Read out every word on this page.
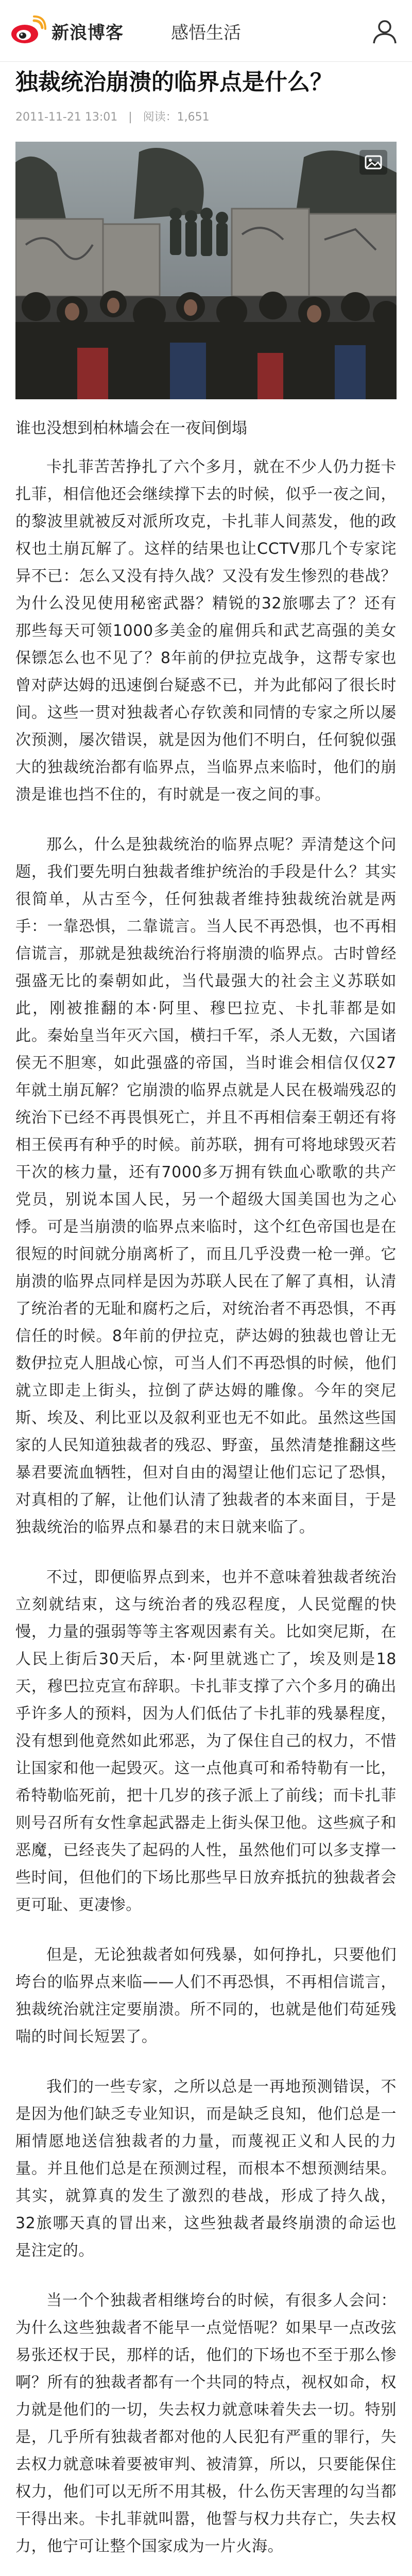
新浪博客	感悟生活
独裁统治崩溃的临界点是什么？
2011-11-21 13:01 | 阅读：1,651
谁也没想到柏林墙会在一夜间倒塌

卡扎菲苦苦挣扎了六个多月，就在不少人仍力挺卡扎菲，相信他还会继续撑下去的时候，似乎一夜之间，的黎波里就被反对派所攻克，卡扎菲人间蒸发，他的政权也土崩瓦解了。这样的结果也让CCTV那几个专家诧异不已：怎么又没有持久战？又没有发生惨烈的巷战？为什么没见使用秘密武器？精锐的32旅哪去了？还有那些每天可领1000多美金的雇佣兵和武艺高强的美女保镖怎么也不见了？8年前的伊拉克战争，这帮专家也曾对萨达姆的迅速倒台疑惑不已，并为此郁闷了很长时间。这些一贯对独裁者心存钦羡和同情的专家之所以屡次预测，屡次错误，就是因为他们不明白，任何貌似强大的独裁统治都有临界点，当临界点来临时，他们的崩溃是谁也挡不住的，有时就是一夜之间的事。

那么，什么是独裁统治的临界点呢？弄清楚这个问题，我们要先明白独裁者维护统治的手段是什么？其实很简单，从古至今，任何独裁者维持独裁统治就是两手：一靠恐惧，二靠谎言。当人民不再恐惧，也不再相信谎言，那就是独裁统治行将崩溃的临界点。古时曾经强盛无比的秦朝如此，当代最强大的社会主义苏联如此，刚被推翻的本·阿里、穆巴拉克、卡扎菲都是如此。秦始皇当年灭六国，横扫千军，杀人无数，六国诸侯无不胆寒，如此强盛的帝国，当时谁会相信仅仅27年就土崩瓦解？它崩溃的临界点就是人民在极端残忍的统治下已经不再畏惧死亡，并且不再相信秦王朝还有将相王侯再有种乎的时候。前苏联，拥有可将地球毁灭若干次的核力量，还有7000多万拥有铁血心歌歌的共产党员，别说本国人民，另一个超级大国美国也为之心悸。可是当崩溃的临界点来临时，这个红色帝国也是在很短的时间就分崩离析了，而且几乎没费一枪一弹。它崩溃的临界点同样是因为苏联人民在了解了真相，认清了统治者的无耻和腐朽之后，对统治者不再恐惧，不再信任的时候。8年前的伊拉克，萨达姆的独裁也曾让无数伊拉克人胆战心惊，可当人们不再恐惧的时候，他们就立即走上街头，拉倒了萨达姆的雕像。今年的突尼斯、埃及、利比亚以及叙利亚也无不如此。虽然这些国家的人民知道独裁者的残忍、野蛮，虽然清楚推翻这些暴君要流血牺牲，但对自由的渴望让他们忘记了恐惧，对真相的了解，让他们认清了独裁者的本来面目，于是独裁统治的临界点和暴君的末日就来临了。

不过，即便临界点到来，也并不意味着独裁者统治立刻就结束，这与统治者的残忍程度，人民觉醒的快慢，力量的强弱等等主客观因素有关。比如突尼斯，在人民上街后30天后，本·阿里就逃亡了，埃及则是18天，穆巴拉克宣布辞职。卡扎菲支撑了六个多月的确出乎许多人的预料，因为人们低估了卡扎菲的残暴程度，没有想到他竟然如此邪恶，为了保住自己的权力，不惜让国家和他一起毁灭。这一点他真可和希特勒有一比，希特勒临死前，把十几岁的孩子派上了前线；而卡扎菲则号召所有女性拿起武器走上街头保卫他。这些疯子和恶魔，已经丧失了起码的人性，虽然他们可以多支撑一些时间，但他们的下场比那些早日放弃抵抗的独裁者会更可耻、更凄惨。

但是，无论独裁者如何残暴，如何挣扎，只要他们垮台的临界点来临——人们不再恐惧，不再相信谎言，独裁统治就注定要崩溃。所不同的，也就是他们苟延残喘的时间长短罢了。

我们的一些专家，之所以总是一再地预测错误，不是因为他们缺乏专业知识，而是缺乏良知，他们总是一厢情愿地送信独裁者的力量，而蔑视正义和人民的力量。并且他们总是在预测过程，而根本不想预测结果。其实，就算真的发生了激烈的巷战，形成了持久战，32旅哪天真的冒出来，这些独裁者最终崩溃的命运也是注定的。

当一个个独裁者相继垮台的时候，有很多人会问：为什么这些独裁者不能早一点觉悟呢？如果早一点改弦易张还权于民，那样的话，他们的下场也不至于那么惨啊？所有的独裁者都有一个共同的特点，视权如命，权力就是他们的一切，失去权力就意味着失去一切。特别是，几乎所有独裁者都对他的人民犯有严重的罪行，失去权力就意味着要被审判、被清算，所以，只要能保住权力，他们可以无所不用其极，什么伤天害理的勾当都干得出来。卡扎菲就叫嚣，他誓与权力共存亡，失去权力，他宁可让整个国家成为一片火海。
